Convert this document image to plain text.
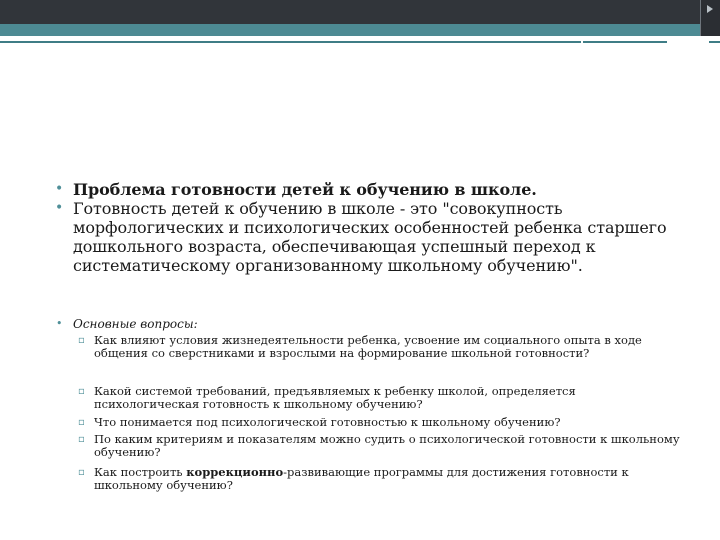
• Проблема готовности детей к обучению в школе.

• Готовность детей к обучению в школе - это "совокупность морфологических и психологических особенностей ребенка старшего дошкольного возраста, обеспечивающая успешный переход к систематическому организованному школьному обучению".

• Основные вопросы:

▫ Как влияют условия жизнедеятельности ребенка, усвоение им социального опыта в ходе общения со сверстниками и взрослыми на формирование школьной готовности?

▫ Какой системой требований, предъявляемых к ребенку школой, определяется психологическая готовность к школьному обучению?

▫ Что понимается под психологической готовностью к школьному обучению?

▫ По каким критериям и показателям можно судить о психологической готовности к школьному обучению?

▫ Как построить коррекционно-развивающие программы для достижения готовности к школьному обучению?
